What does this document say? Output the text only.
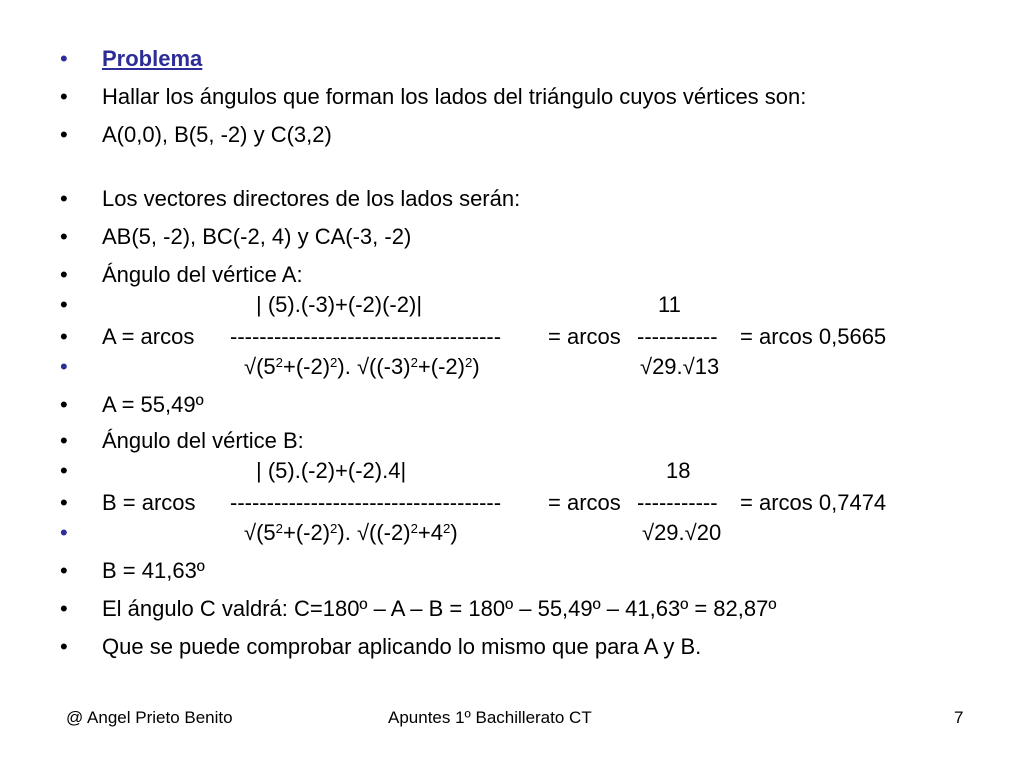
•	Problema
•	Hallar los ángulos que forman los lados del triángulo cuyos vértices son:
•	A(0,0), B(5, -2) y C(3,2)
•	Los vectores directores de los lados serán:
•	AB(5, -2), BC(-2, 4) y CA(-3, -2)
•	Ángulo del vértice A:
•	| (5).(-3)+(-2)(-2)|	11
•	A = arcos ------------------------------------- = arcos ----------- = arcos 0,5665
•	$√(5^2+(-2)^2)$. $√((-3)^2+(-2)^2)$	√29.√13
•	A = 55,49º
•	Ángulo del vértice B:
•	| (5).(-2)+(-2).4|	18
•	B = arcos ------------------------------------- = arcos ----------- = arcos 0,7474
•	$√(5^2+(-2)^2)$. $√((-2)^2+4^2)$	√29.√20
•	B = 41,63º
•	El ángulo C valdrá: C=180º – A – B = 180º – 55,49º – 41,63º = 82,87º
•	Que se puede comprobar aplicando lo mismo que para A y B.
@ Angel Prieto Benito	Apuntes 1º Bachillerato CT	7
